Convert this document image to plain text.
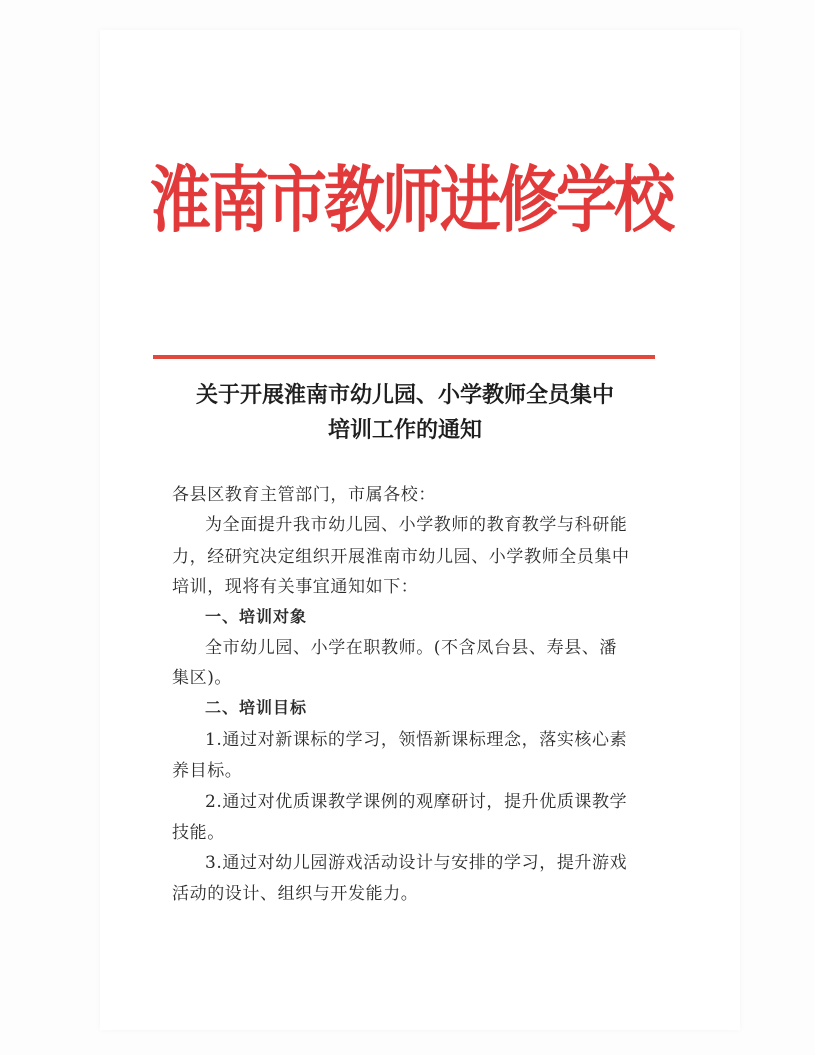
淮南市教师进修学校
关于开展淮南市幼儿园、小学教师全员集中
培训工作的通知
各县区教育主管部门，市属各校：
为全面提升我市幼儿园、小学教师的教育教学与科研能
力，经研究决定组织开展淮南市幼儿园、小学教师全员集中
培训，现将有关事宜通知如下：
一、培训对象
全市幼儿园、小学在职教师。(不含凤台县、寿县、潘
集区)。
二、培训目标
1.通过对新课标的学习，领悟新课标理念，落实核心素
养目标。
2.通过对优质课教学课例的观摩研讨，提升优质课教学
技能。
3.通过对幼儿园游戏活动设计与安排的学习，提升游戏
活动的设计、组织与开发能力。
